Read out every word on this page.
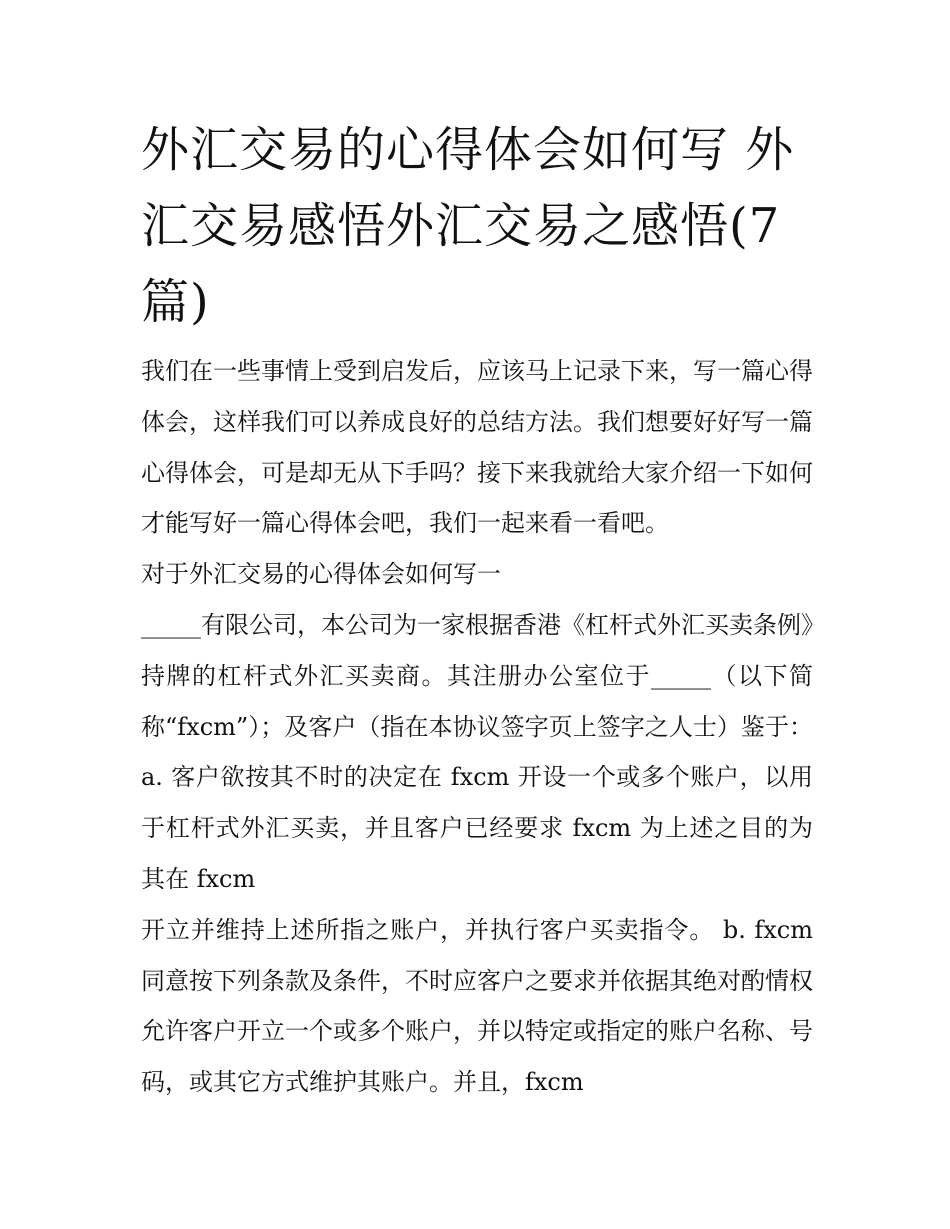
外汇交易的心得体会如何写 外汇交易感悟外汇交易之感悟(7篇)

我们在一些事情上受到启发后，应该马上记录下来，写一篇心得体会，这样我们可以养成良好的总结方法。我们想要好好写一篇心得体会，可是却无从下手吗？接下来我就给大家介绍一下如何才能写好一篇心得体会吧，我们一起来看一看吧。

对于外汇交易的心得体会如何写一

_____有限公司，本公司为一家根据香港《杠杆式外汇买卖条例》持牌的杠杆式外汇买卖商。其注册办公室位于_____（以下简称“fxcm”）；及客户（指在本协议签字页上签字之人士）鉴于： a. 客户欲按其不时的决定在 fxcm 开设一个或多个账户，以用于杠杆式外汇买卖，并且客户已经要求 fxcm 为上述之目的为其在 fxcm

开立并维持上述所指之账户，并执行客户买卖指令。 b. fxcm 同意按下列条款及条件，不时应客户之要求并依据其绝对酌情权允许客户开立一个或多个账户，并以特定或指定的账户名称、号码，或其它方式维护其账户。并且，fxcm
